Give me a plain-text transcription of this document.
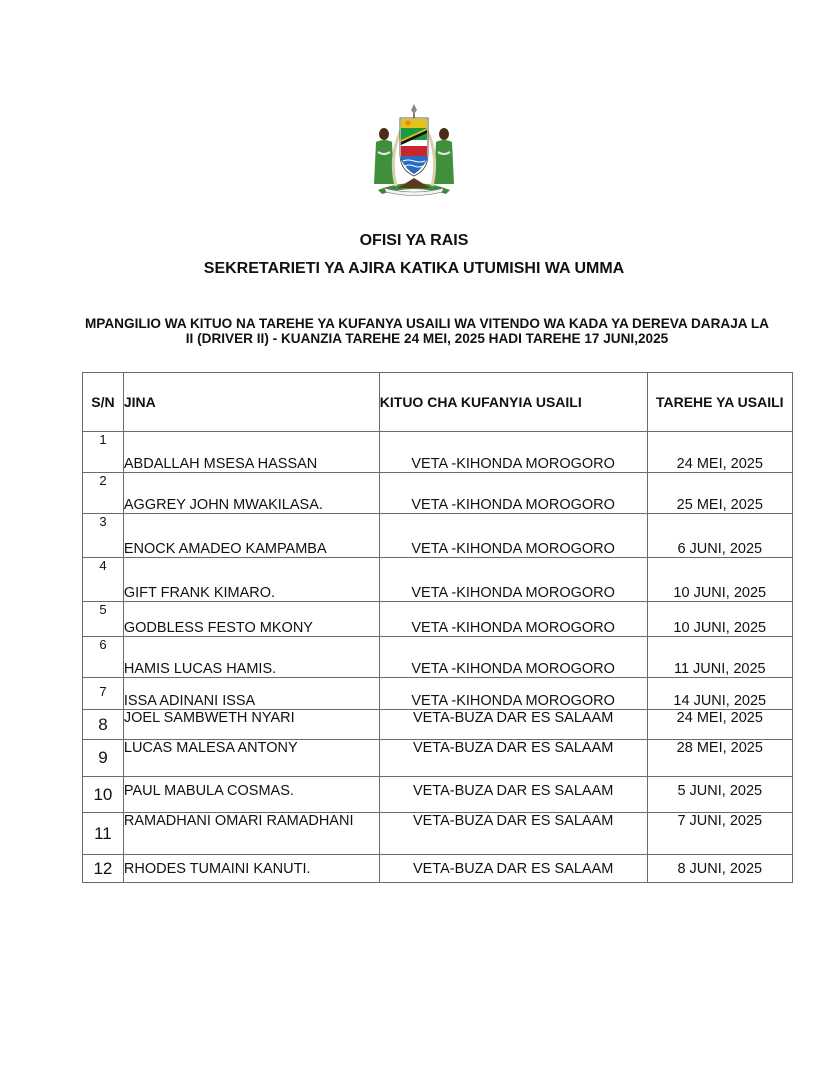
OFISI YA RAIS
SEKRETARIETI YA AJIRA KATIKA UTUMISHI WA UMMA
MPANGILIO WA KITUO NA TAREHE YA KUFANYA USAILI WA VITENDO WA KADA YA DEREVA DARAJA LA II (DRIVER II) - KUANZIA TAREHE 24 MEI, 2025 HADI TAREHE 17 JUNI,2025
S/N	JINA	KITUO CHA KUFANYIA USAILI	TAREHE YA USAILI
1	ABDALLAH MSESA HASSAN	VETA -KIHONDA MOROGORO	24 MEI, 2025
2	AGGREY JOHN MWAKILASA.	VETA -KIHONDA MOROGORO	25 MEI, 2025
3	ENOCK AMADEO KAMPAMBA	VETA -KIHONDA MOROGORO	6 JUNI, 2025
4	GIFT FRANK KIMARO.	VETA -KIHONDA MOROGORO	10 JUNI, 2025
5	GODBLESS FESTO MKONY	VETA -KIHONDA MOROGORO	10 JUNI, 2025
6	HAMIS LUCAS HAMIS.	VETA -KIHONDA MOROGORO	11 JUNI, 2025
7	ISSA ADINANI ISSA	VETA -KIHONDA MOROGORO	14 JUNI, 2025
8	JOEL SAMBWETH NYARI	VETA-BUZA DAR ES SALAAM	24 MEI, 2025
9	LUCAS MALESA ANTONY	VETA-BUZA DAR ES SALAAM	28 MEI, 2025
10	PAUL MABULA COSMAS.	VETA-BUZA DAR ES SALAAM	5 JUNI, 2025
11	RAMADHANI OMARI RAMADHANI	VETA-BUZA DAR ES SALAAM	7 JUNI, 2025
12	RHODES TUMAINI KANUTI.	VETA-BUZA DAR ES SALAAM	8 JUNI, 2025
